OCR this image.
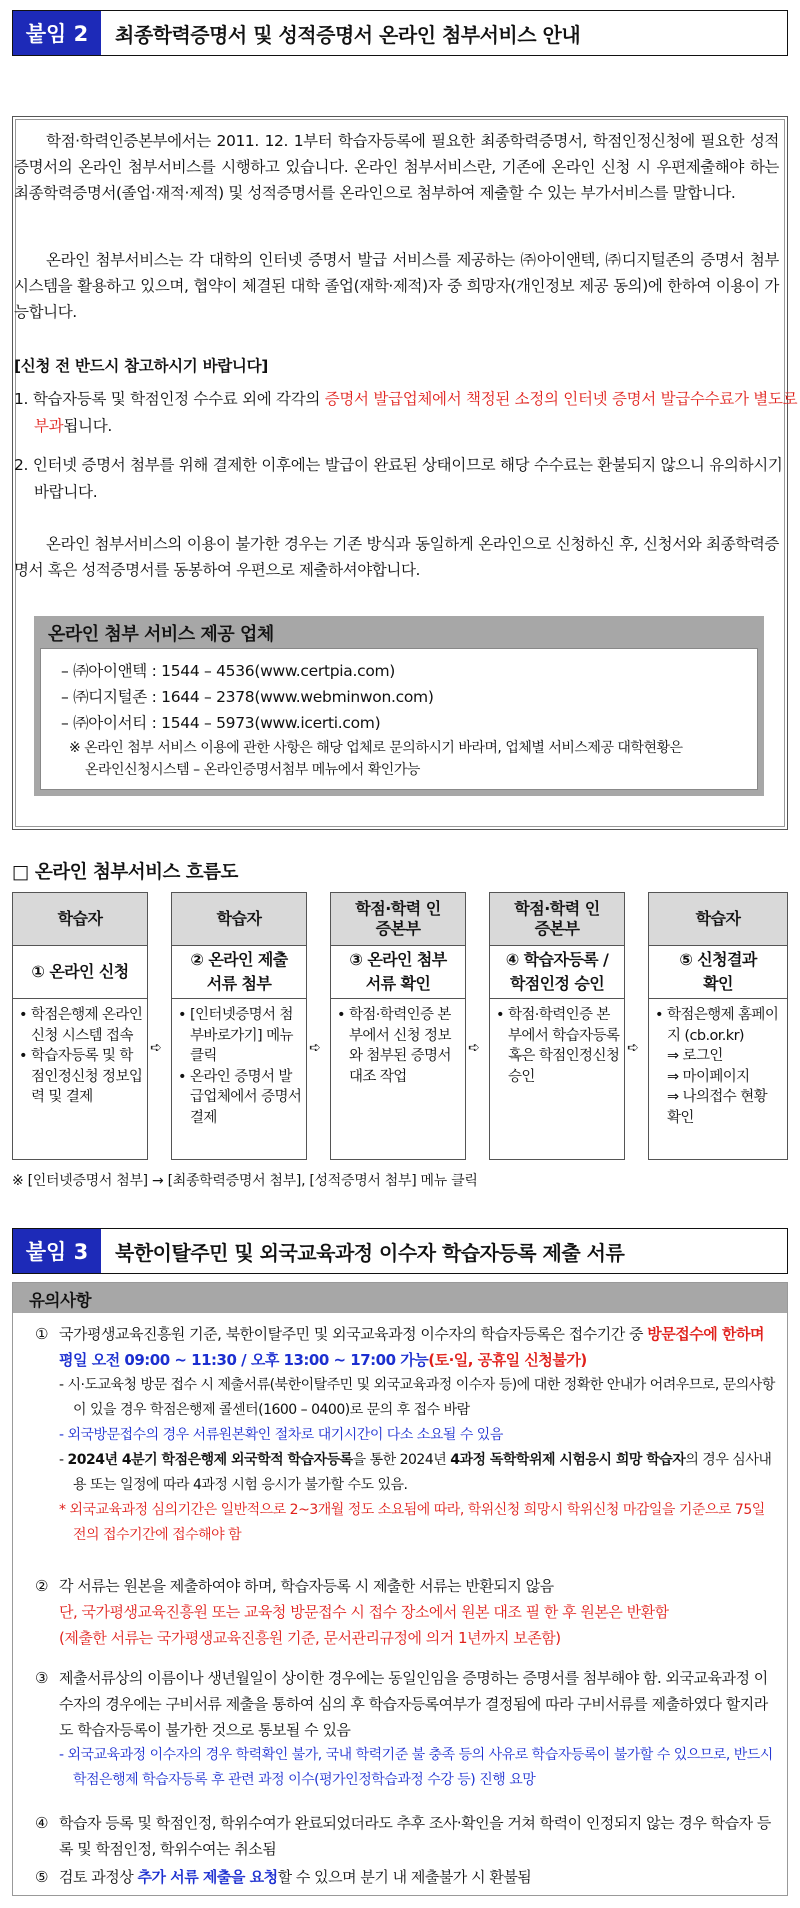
붙임 2	최종학력증명서 및 성적증명서 온라인 첨부서비스 안내
학점·학력인증본부에서는 2011. 12. 1부터 학습자등록에 필요한 최종학력증명서, 학점인정신청에 필요한 성적증명서의 온라인 첨부서비스를 시행하고 있습니다. 온라인 첨부서비스란, 기존에 온라인 신청 시 우편제출해야 하는 최종학력증명서(졸업·재적·제적) 및 성적증명서를 온라인으로 첨부하여 제출할 수 있는 부가서비스를 말합니다.
온라인 첨부서비스는 각 대학의 인터넷 증명서 발급 서비스를 제공하는 ㈜아이앤텍, ㈜디지털존의 증명서 첨부 시스템을 활용하고 있으며, 협약이 체결된 대학 졸업(재학·제적)자 중 희망자(개인정보 제공 동의)에 한하여 이용이 가능합니다.
[신청 전 반드시 참고하시기 바랍니다]
1. 학습자등록 및 학점인정 수수료 외에 각각의 증명서 발급업체에서 책정된 소정의 인터넷 증명서 발급수수료가 별도로 부과됩니다.
2. 인터넷 증명서 첨부를 위해 결제한 이후에는 발급이 완료된 상태이므로 해당 수수료는 환불되지 않으니 유의하시기 바랍니다.
온라인 첨부서비스의 이용이 불가한 경우는 기존 방식과 동일하게 온라인으로 신청하신 후, 신청서와 최종학력증명서 혹은 성적증명서를 동봉하여 우편으로 제출하셔야합니다.
온라인 첨부 서비스 제공 업체
– ㈜아이앤텍 : 1544 – 4536(www.certpia.com)
– ㈜디지털존 : 1644 – 2378(www.webminwon.com)
– ㈜아이서티 : 1544 – 5973(www.icerti.com)
※ 온라인 첨부 서비스 이용에 관한 사항은 해당 업체로 문의하시기 바라며, 업체별 서비스제공 대학현황은
온라인신청시스템 – 온라인증명서첨부 메뉴에서 확인가능
□ 온라인 첨부서비스 흐름도
학습자
① 온라인 신청
• 학점은행제 온라인신청 시스템 접속
• 학습자등록 및 학점인정신청 정보입력 및 결제
➪
학습자
② 온라인 제출 서류 첨부
• [인터넷증명서 첨부바로가기] 메뉴클릭
• 온라인 증명서 발급업체에서 증명서 결제
➪
학점·학력 인증본부
③ 온라인 첨부 서류 확인
• 학점·학력인증 본부에서 신청 정보와 첨부된 증명서 대조 작업
➪
학점·학력 인증본부
④ 학습자등록 / 학점인정 승인
• 학점·학력인증 본부에서 학습자등록 혹은 학점인정신청 승인
➪
학습자
⑤ 신청결과 확인
• 학점은행제 홈페이지 (cb.or.kr)
⇒ 로그인
⇒ 마이페이지
⇒ 나의접수 현황 확인
※ [인터넷증명서 첨부] → [최종학력증명서 첨부], [성적증명서 첨부] 메뉴 클릭
붙임 3	북한이탈주민 및 외국교육과정 이수자 학습자등록 제출 서류
유의사항
① 국가평생교육진흥원 기준, 북한이탈주민 및 외국교육과정 이수자의 학습자등록은 접수기간 중 방문접수에 한하며
평일 오전 09:00 ~ 11:30 / 오후 13:00 ~ 17:00 가능(토·일, 공휴일 신청불가)
- 시·도교육청 방문 접수 시 제출서류(북한이탈주민 및 외국교육과정 이수자 등)에 대한 정확한 안내가 어려우므로, 문의사항이 있을 경우 학점은행제 콜센터(1600 – 0400)로 문의 후 접수 바람
- 외국방문접수의 경우 서류원본확인 절차로 대기시간이 다소 소요될 수 있음
- 2024년 4분기 학점은행제 외국학적 학습자등록을 통한 2024년 4과정 독학학위제 시험응시 희망 학습자의 경우 심사내용 또는 일정에 따라 4과정 시험 응시가 불가할 수도 있음.
* 외국교육과정 심의기간은 일반적으로 2~3개월 정도 소요됨에 따라, 학위신청 희망시 학위신청 마감일을 기준으로 75일 전의 접수기간에 접수해야 함
② 각 서류는 원본을 제출하여야 하며, 학습자등록 시 제출한 서류는 반환되지 않음
단, 국가평생교육진흥원 또는 교육청 방문접수 시 접수 장소에서 원본 대조 필 한 후 원본은 반환함
(제출한 서류는 국가평생교육진흥원 기준, 문서관리규정에 의거 1년까지 보존함)
③ 제출서류상의 이름이나 생년월일이 상이한 경우에는 동일인임을 증명하는 증명서를 첨부해야 함. 외국교육과정 이수자의 경우에는 구비서류 제출을 통하여 심의 후 학습자등록여부가 결정됨에 따라 구비서류를 제출하였다 할지라도 학습자등록이 불가한 것으로 통보될 수 있음
- 외국교육과정 이수자의 경우 학력확인 불가, 국내 학력기준 불 충족 등의 사유로 학습자등록이 불가할 수 있으므로, 반드시 학점은행제 학습자등록 후 관련 과정 이수(평가인정학습과정 수강 등) 진행 요망
④ 학습자 등록 및 학점인정, 학위수여가 완료되었더라도 추후 조사·확인을 거쳐 학력이 인정되지 않는 경우 학습자 등록 및 학점인정, 학위수여는 취소됨
⑤ 검토 과정상 추가 서류 제출을 요청할 수 있으며 분기 내 제출불가 시 환불됨
